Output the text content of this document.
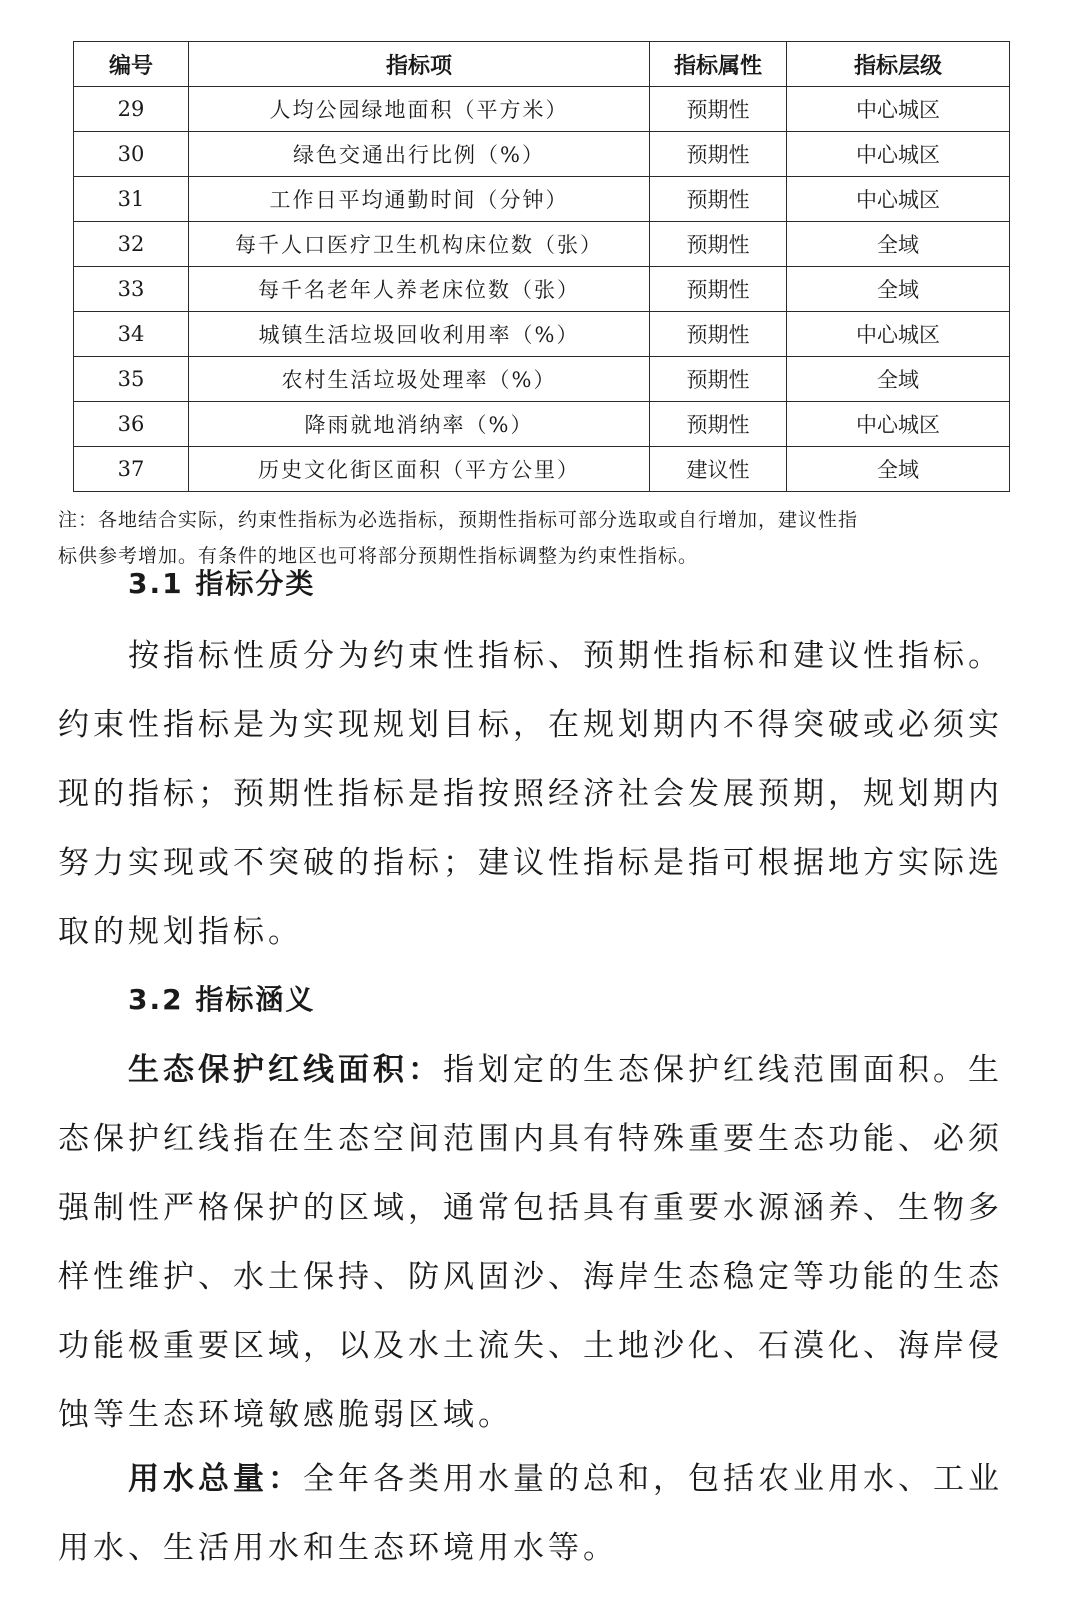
编号	指标项	指标属性	指标层级
29	人均公园绿地面积（平方米）	预期性	中心城区
30	绿色交通出行比例（%）	预期性	中心城区
31	工作日平均通勤时间（分钟）	预期性	中心城区
32	每千人口医疗卫生机构床位数（张）	预期性	全域
33	每千名老年人养老床位数（张）	预期性	全域
34	城镇生活垃圾回收利用率（%）	预期性	中心城区
35	农村生活垃圾处理率（%）	预期性	全域
36	降雨就地消纳率（%）	预期性	中心城区
37	历史文化街区面积（平方公里）	建议性	全域

注：各地结合实际，约束性指标为必选指标，预期性指标可部分选取或自行增加，建议性指

标供参考增加。有条件的地区也可将部分预期性指标调整为约束性指标。

3.1 指标分类
　　按指标性质分为约束性指标、预期性指标和建议性指标。
约束性指标是为实现规划目标，在规划期内不得突破或必须实
现的指标；预期性指标是指按照经济社会发展预期，规划期内
努力实现或不突破的指标；建议性指标是指可根据地方实际选
取的规划指标。
3.2 指标涵义
生态保护红线面积：指划定的生态保护红线范围面积。生
态保护红线指在生态空间范围内具有特殊重要生态功能、必须
强制性严格保护的区域，通常包括具有重要水源涵养、生物多
样性维护、水土保持、防风固沙、海岸生态稳定等功能的生态
功能极重要区域，以及水土流失、土地沙化、石漠化、海岸侵
蚀等生态环境敏感脆弱区域。
用水总量：全年各类用水量的总和，包括农业用水、工业
用水、生活用水和生态环境用水等。
